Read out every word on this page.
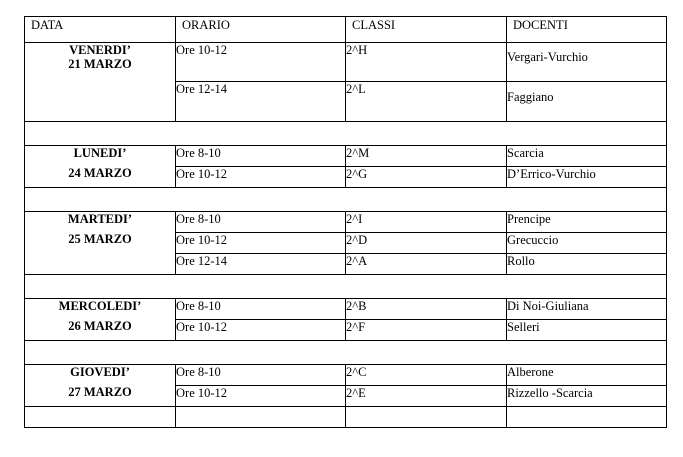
DATA	ORARIO	CLASSI	DOCENTI

VENERDI’
21 MARZO	Ore 10-12	2^H	Vergari-Vurchio
	Ore 12-14	2^L	Faggiano

LUNEDI’
24 MARZO	Ore 8-10	2^M	Scarcia
	Ore 10-12	2^G	D’Errico-Vurchio

MARTEDI’
25 MARZO	Ore 8-10	2^I	Prencipe
	Ore 10-12	2^D	Grecuccio
	Ore 12-14	2^A	Rollo

MERCOLEDI’
26 MARZO	Ore 8-10	2^B	Di Noi-Giuliana
	Ore 10-12	2^F	Selleri

GIOVEDI’
27 MARZO	Ore 8-10	2^C	Alberone
	Ore 10-12	2^E	Rizzello -Scarcia
